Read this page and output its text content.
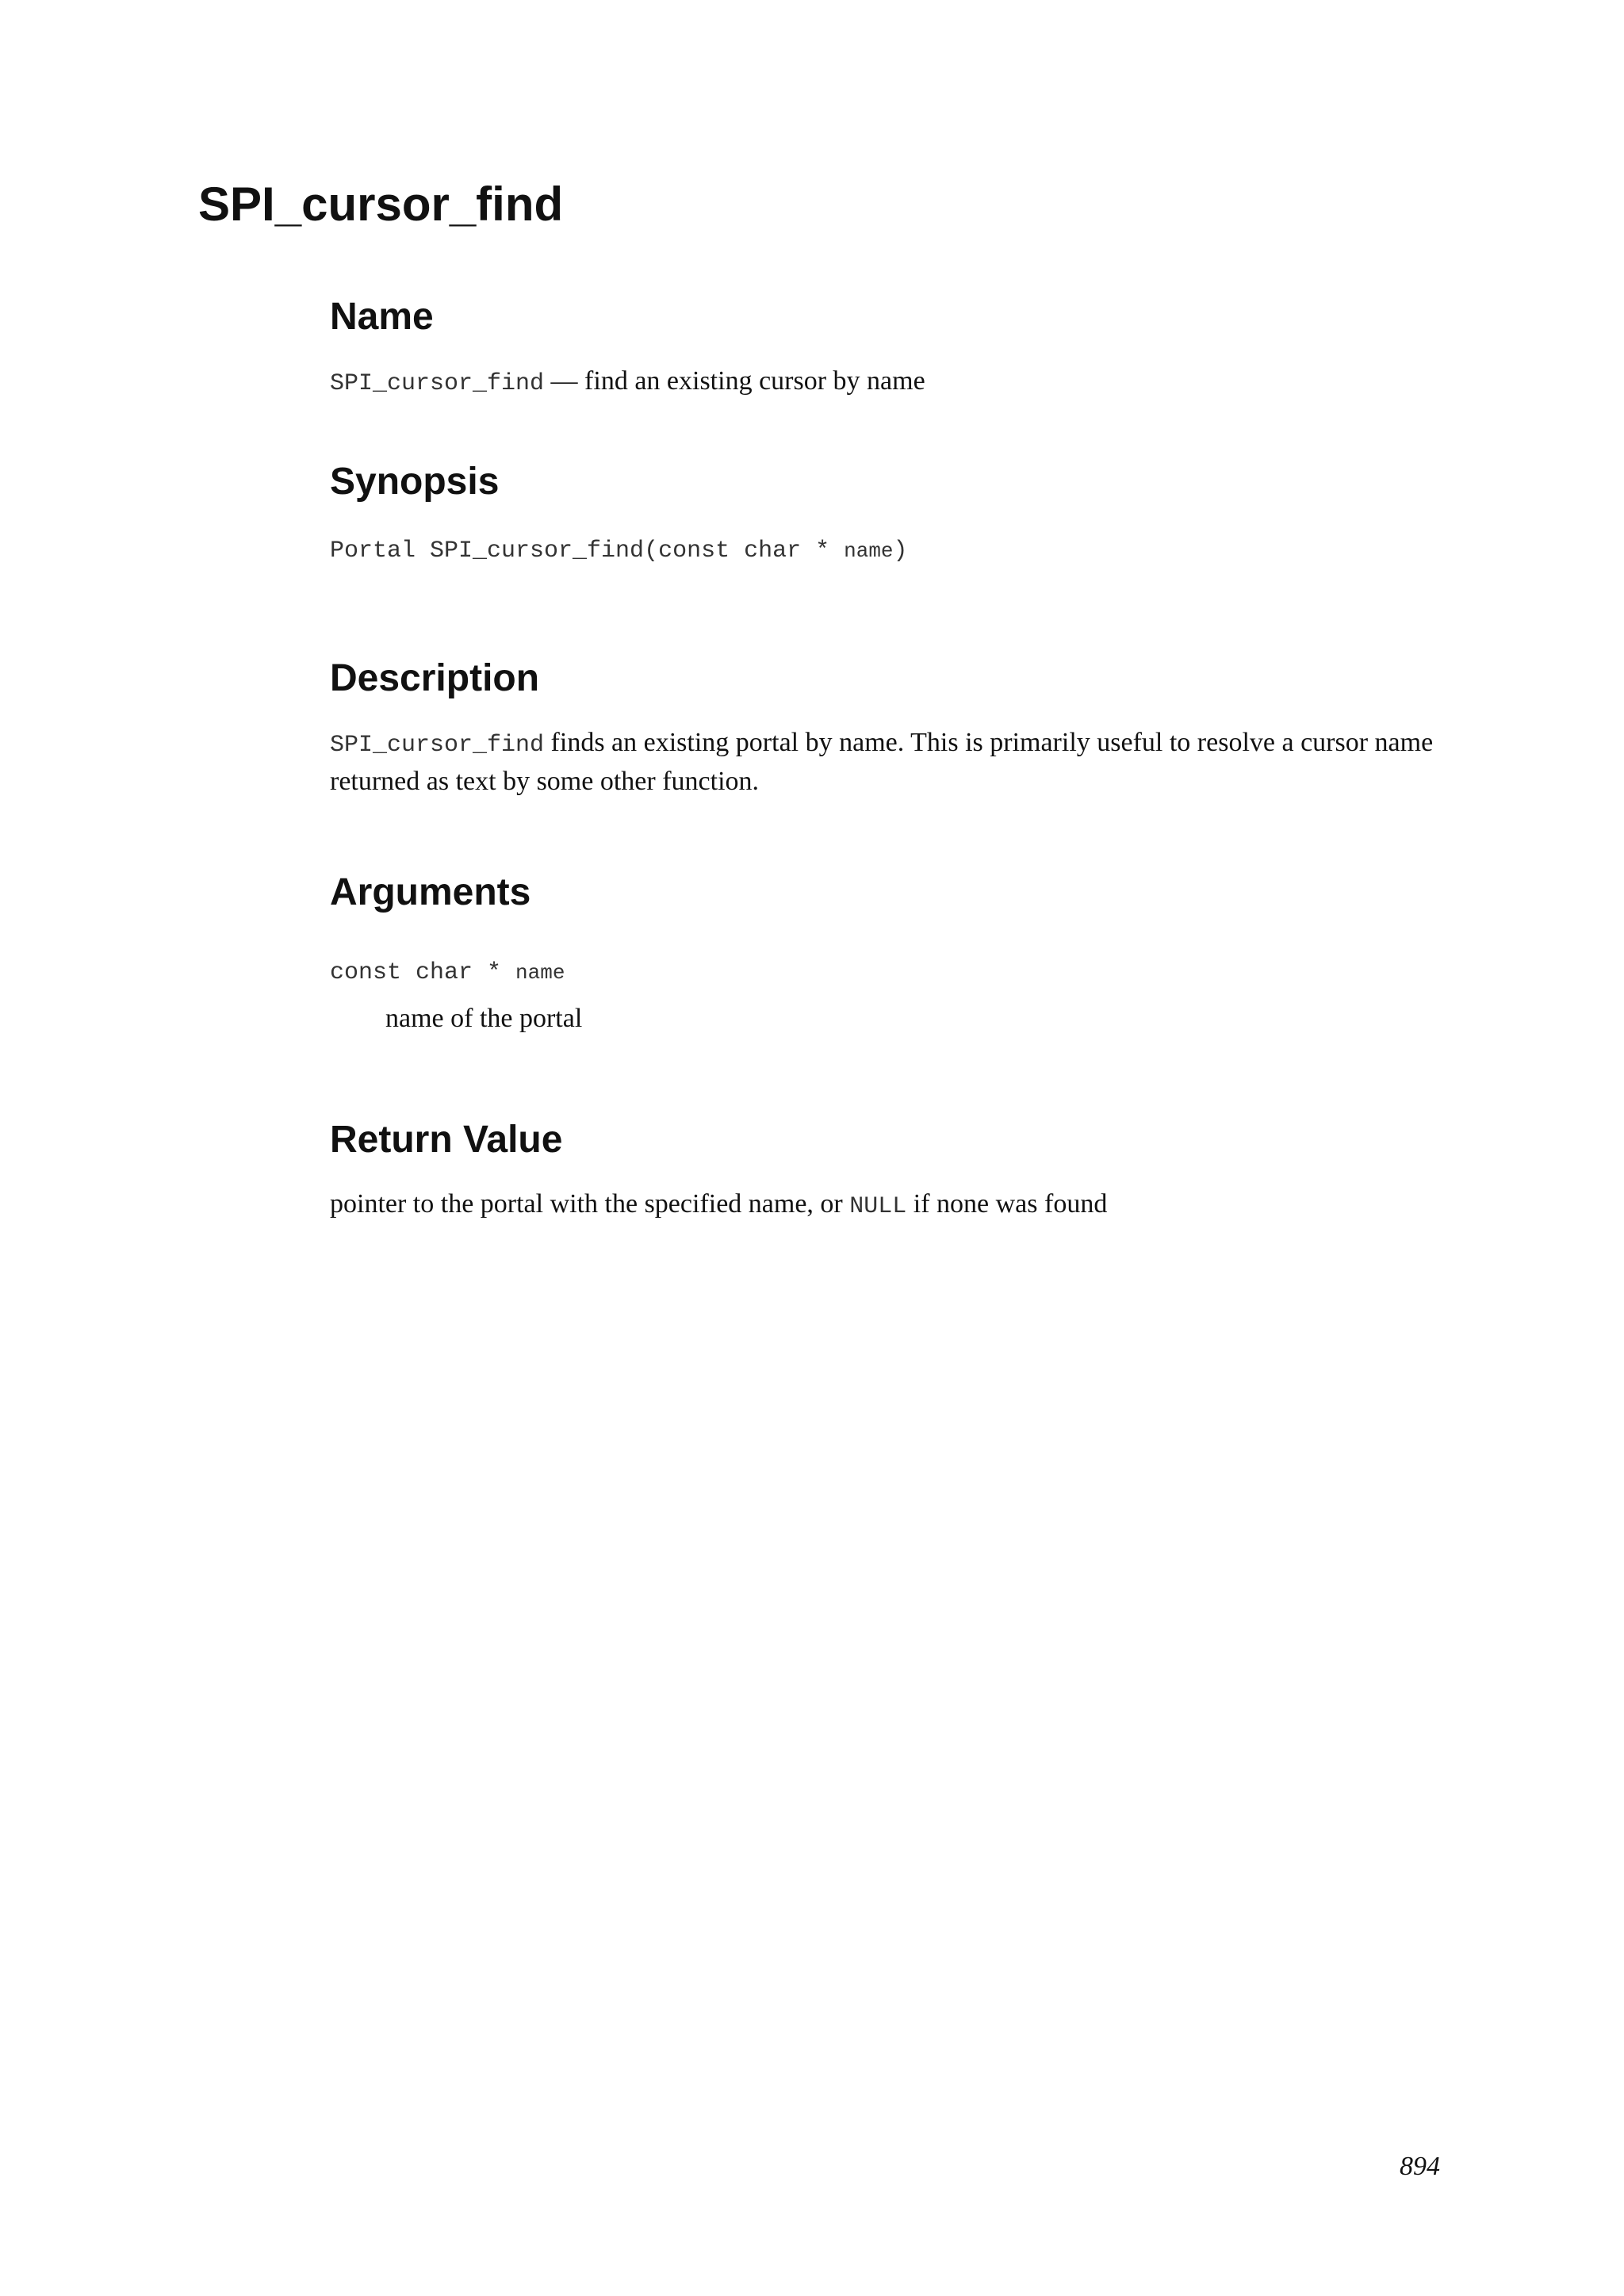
SPI_cursor_find
Name

SPI_cursor_find — find an existing cursor by name

Synopsis

Portal SPI_cursor_find(const char * name)

Description

SPI_cursor_find finds an existing portal by name. This is primarily useful to resolve a cursor name returned as text by some other function.

Arguments

const char * name

name of the portal

Return Value

pointer to the portal with the specified name, or NULL if none was found

894
